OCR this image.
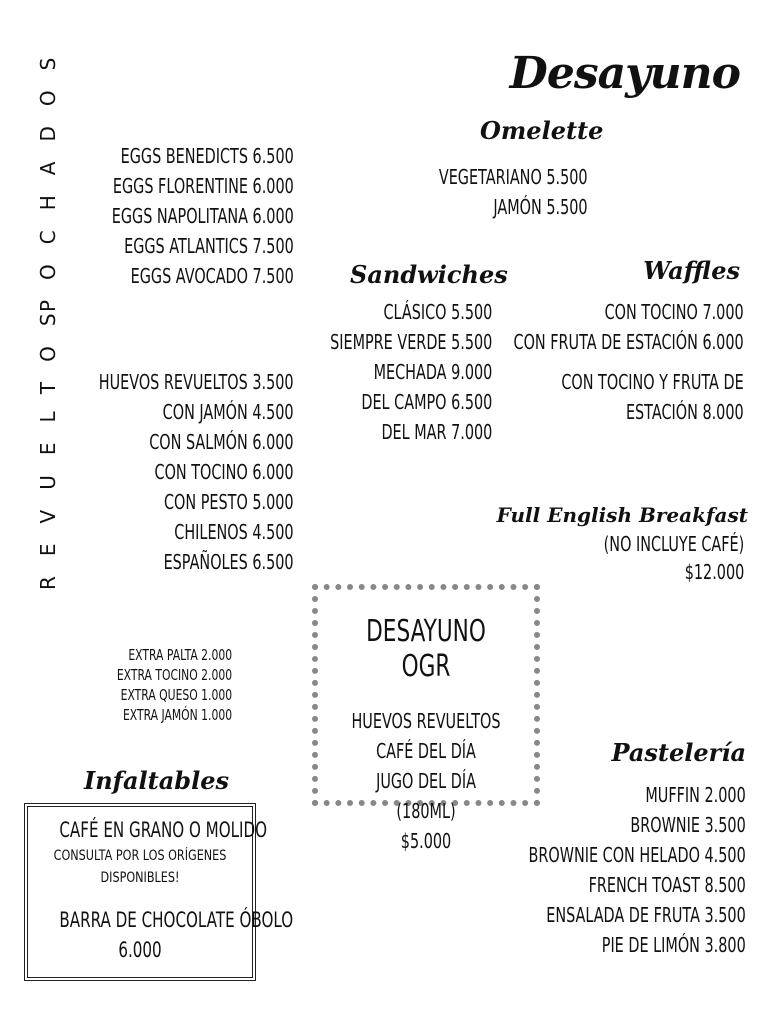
Desayuno
POCHADOS
REVUELTOS
EGGS BENEDICTS 6.500
EGGS FLORENTINE 6.000
EGGS NAPOLITANA 6.000
EGGS ATLANTICS 7.500
EGGS AVOCADO 7.500
HUEVOS REVUELTOS 3.500
CON JAMÓN 4.500
CON SALMÓN 6.000
CON TOCINO 6.000
CON PESTO 5.000
CHILENOS 4.500
ESPAÑOLES 6.500
EXTRA PALTA 2.000
EXTRA TOCINO 2.000
EXTRA QUESO 1.000
EXTRA JAMÓN 1.000
Omelette
VEGETARIANO 5.500
JAMÓN 5.500
Sandwiches
CLÁSICO 5.500
SIEMPRE VERDE 5.500
MECHADA 9.000
DEL CAMPO 6.500
DEL MAR 7.000
Waffles
CON TOCINO 7.000
CON FRUTA DE ESTACIÓN 6.000
CON TOCINO Y FRUTA DE
ESTACIÓN 8.000
Full English Breakfast
(NO INCLUYE CAFÉ)
$12.000
DESAYUNO OGR
HUEVOS REVUELTOS
CAFÉ DEL DÍA
JUGO DEL DÍA (180ML)
$5.000
Infaltables
CAFÉ EN GRANO O MOLIDO
CONSULTA POR LOS ORÍGENES
DISPONIBLES!
BARRA DE CHOCOLATE ÓBOLO
6.000
Pastelería
MUFFIN 2.000
BROWNIE 3.500
BROWNIE CON HELADO 4.500
FRENCH TOAST 8.500
ENSALADA DE FRUTA 3.500
PIE DE LIMÓN 3.800
